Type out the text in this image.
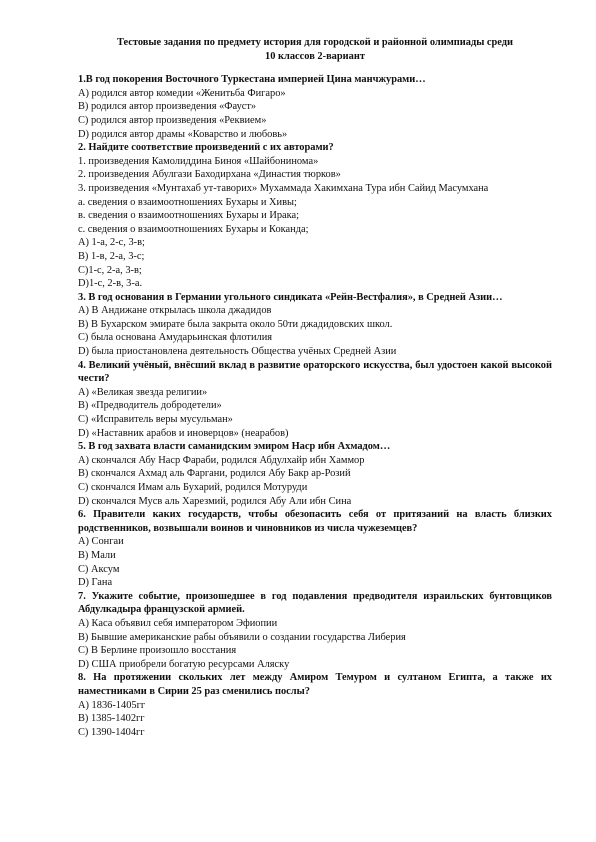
Тестовые задания по предмету история для городской и районной олимпиады среди
10 классов 2-вариант
1.В год покорения Восточного Туркестана империей Цина манчжурами…
А) родился автор комедии «Женитьба Фигаро»
В) родился автор произведения «Фауст»
С) родился автор произведения «Реквием»
D) родился автор драмы «Коварство и любовь»
2. Найдите соответствие произведений с их авторами?
1. произведения Камолиддина Биноя «Шайбониномa»
2. произведения Абулгази Баходирхана «Династия тюрков»
3. произведения «Мунтахаб ут-таворих» Мухаммада Хакимхана Тура ибн Сайид Масумхана
а. сведения о взаимоотношениях Бухары и Хивы;
в. сведения о взаимоотношениях Бухары и Ирака;
с. сведения о взаимоотношениях Бухары и Коканда;
А) 1-а, 2-с, 3-в;
B) 1-в, 2-а, 3-с;
C)1-с, 2-а, 3-в;
D)1-с, 2-в, 3-а.
3. В год основания в Германии угольного синдиката «Рейн-Вестфалия», в Средней Азии…
А) В Андижане открылась школа джадидов
В) В Бухарском эмирате была закрыта около 50ти джадидовских школ.
С) была основана Амударьинская флотилия
D) была приостановлена деятельность Общества учёных Средней Азии
4. Великий учёный, внёсший вклад в развитие ораторского искусства, был удостоен какой высокой чести?
А) «Великая звезда религии»
В) «Предводитель добродетели»
С) «Исправитель веры мусульман»
D) «Наставник арабов и иноверцов» (неарабов)
5. В год захвата власти саманидским эмиром Наср ибн Ахмадом…
А) скончался Абу Наср Фараби, родился Абдулхайр ибн Хаммор
В) скончался Ахмад аль Фаргани, родился Абу Бакр ар-Розий
С) скончался Имам аль Бухарий, родился Мотуруди
D) скончался Мусв аль Харезмий, родился Абу Али ибн Сина
6. Правители каких государств, чтобы обезопасить себя от притязаний на власть близких родственников, возвышали воинов и чиновников из числа чужеземцев?
А) Сонгаи
В) Мали
С) Аксум
D) Гана
7. Укажите событие, произошедшее в год подавления предводителя израильских бунтовщиков Абдулкадыра французской армией.
А) Каса объявил себя императором Эфиопии
В) Бывшие американские рабы объявили о создании государства Либерия
С) В Берлине произошло восстания
D) США приобрели богатую ресурсами Аляску
8. На протяжении скольких лет между Амиром Темуром и султаном Египта, а также их наместниками в Сирии 25 раз сменились послы?
А) 1836-1405гг
В) 1385-1402гг
С) 1390-1404гг
